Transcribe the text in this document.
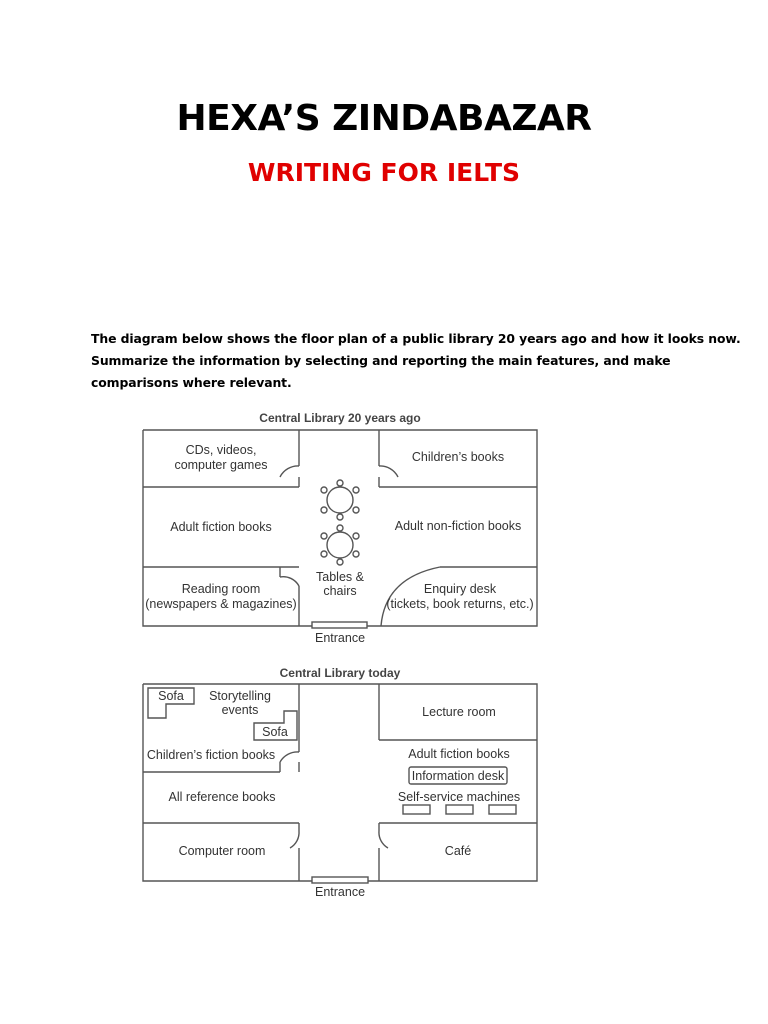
HEXA’S ZINDABAZAR
WRITING FOR IELTS
The diagram below shows the floor plan of a public library 20 years ago and how it looks now.
Summarize the information by selecting and reporting the main features, and make
comparisons where relevant.
Central Library 20 years ago
Entrance
CDs, videos,
computer games
Children’s books
Adult fiction books	Adult non-fiction books
Reading room
(newspapers & magazines)
Tables &
chairs	Enquiry desk
(tickets, book returns, etc.)
Central Library today
Entrance
Sofa
Sofa
Storytelling
events
Children’s fiction books
Lecture room
Adult fiction books
Information desk
All reference books	Self-service machines
Computer room	Café
